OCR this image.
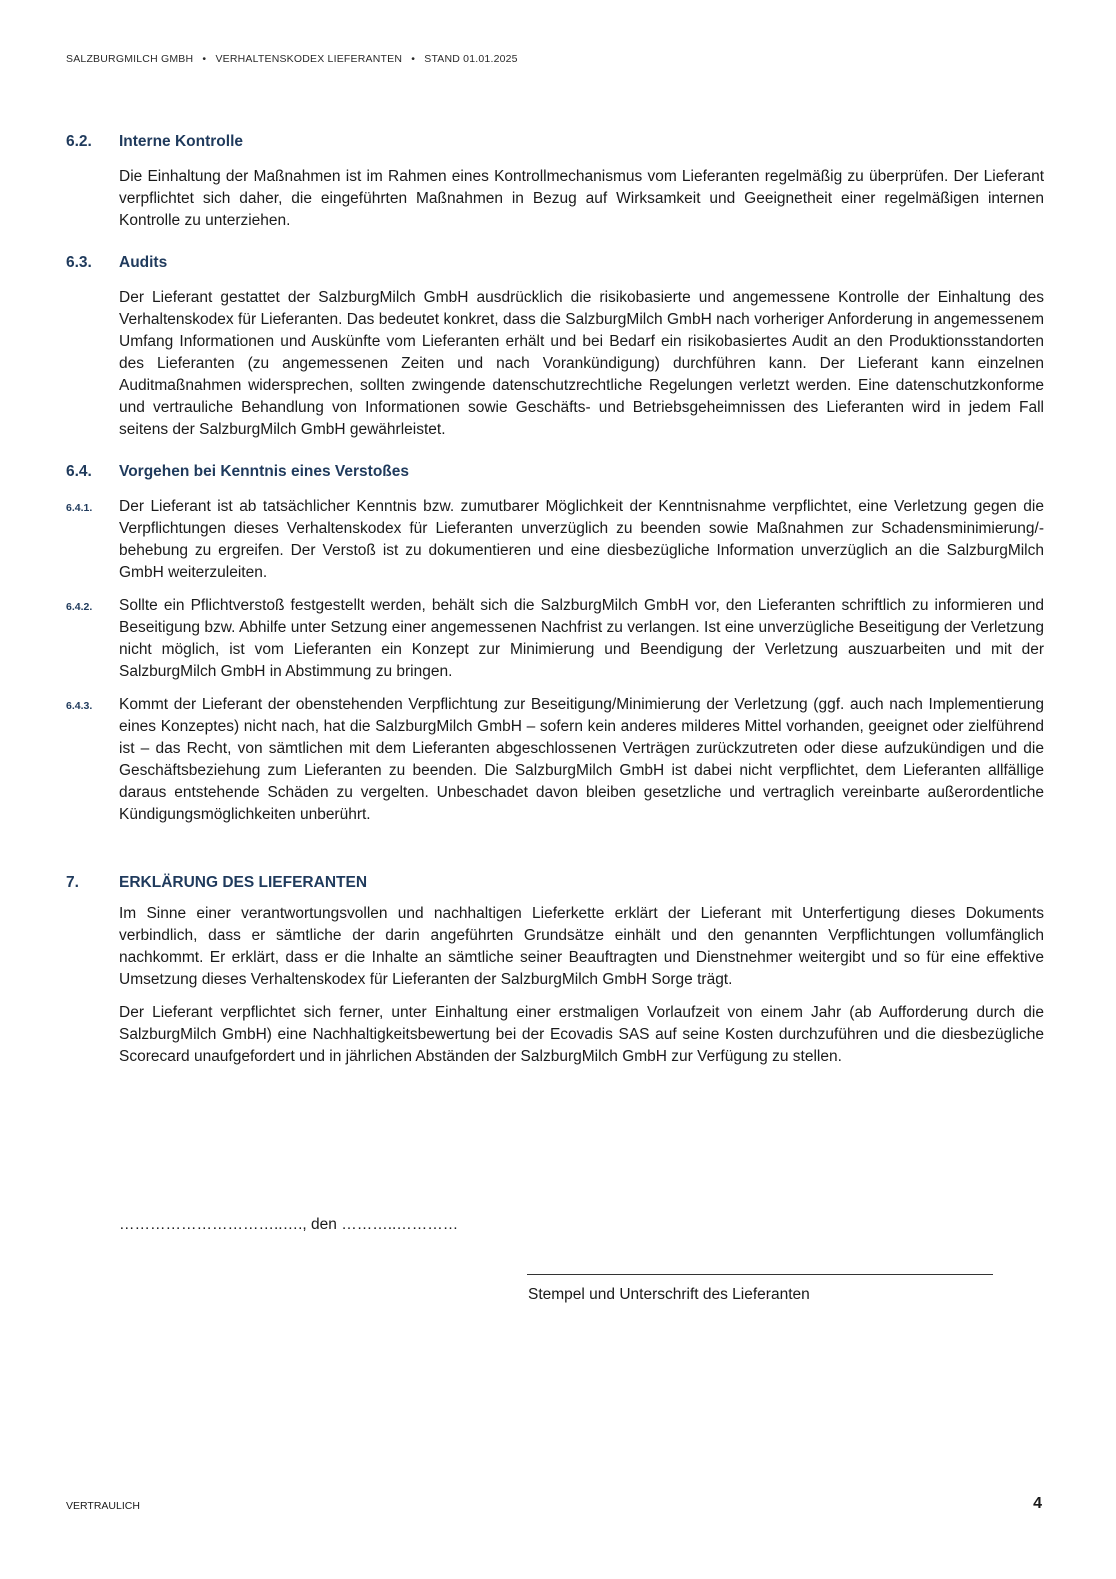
SALZBURGMILCH GMBH • VERHALTENSKODEX LIEFERANTEN • STAND 01.01.2025
6.2.	Interne Kontrolle

Die Einhaltung der Maßnahmen ist im Rahmen eines Kontrollmechanismus vom Lieferanten regelmäßig zu überprüfen. Der Lieferant verpflichtet sich daher, die eingeführten Maßnahmen in Bezug auf Wirksamkeit und Geeignetheit einer regelmäßigen internen Kontrolle zu unterziehen.

6.3.	Audits

Der Lieferant gestattet der SalzburgMilch GmbH ausdrücklich die risikobasierte und angemessene Kontrolle der Einhaltung des Verhaltenskodex für Lieferanten. Das bedeutet konkret, dass die SalzburgMilch GmbH nach vorheriger Anforderung in angemessenem Umfang Informationen und Auskünfte vom Lieferanten erhält und bei Bedarf ein risikobasiertes Audit an den Produktionsstandorten des Lieferanten (zu angemessenen Zeiten und nach Vorankündigung) durchführen kann. Der Lieferant kann einzelnen Auditmaßnahmen widersprechen, sollten zwingende datenschutzrechtliche Regelungen verletzt werden. Eine datenschutzkonforme und vertrauliche Behandlung von Informationen sowie Geschäfts- und Betriebsgeheimnissen des Lieferanten wird in jedem Fall seitens der SalzburgMilch GmbH gewährleistet.

6.4.	Vorgehen bei Kenntnis eines Verstoßes
6.4.1.	Der Lieferant ist ab tatsächlicher Kenntnis bzw. zumutbarer Möglichkeit der Kenntnisnahme verpflichtet, eine Verletzung gegen die Verpflichtungen dieses Verhaltenskodex für Lieferanten unverzüglich zu beenden sowie Maßnahmen zur Schadensminimierung/-behebung zu ergreifen. Der Verstoß ist zu dokumentieren und eine diesbezügliche Information unverzüglich an die SalzburgMilch GmbH weiterzuleiten.

6.4.2.	Sollte ein Pflichtverstoß festgestellt werden, behält sich die SalzburgMilch GmbH vor, den Lieferanten schriftlich zu informieren und Beseitigung bzw. Abhilfe unter Setzung einer angemessenen Nachfrist zu verlangen. Ist eine unverzügliche Beseitigung der Verletzung nicht möglich, ist vom Lieferanten ein Konzept zur Minimierung und Beendigung der Verletzung auszuarbeiten und mit der SalzburgMilch GmbH in Abstimmung zu bringen.

6.4.3.	Kommt der Lieferant der obenstehenden Verpflichtung zur Beseitigung/Minimierung der Verletzung (ggf. auch nach Implementierung eines Konzeptes) nicht nach, hat die SalzburgMilch GmbH – sofern kein anderes milderes Mittel vorhanden, geeignet oder zielführend ist – das Recht, von sämtlichen mit dem Lieferanten abgeschlossenen Verträgen zurückzutreten oder diese aufzukündigen und die Geschäftsbeziehung zum Lieferanten zu beenden. Die SalzburgMilch GmbH ist dabei nicht verpflichtet, dem Lieferanten allfällige daraus entstehende Schäden zu vergelten. Unbeschadet davon bleiben gesetzliche und vertraglich vereinbarte außerordentliche Kündigungsmöglichkeiten unberührt.

7.	ERKLÄRUNG DES LIEFERANTEN

Im Sinne einer verantwortungsvollen und nachhaltigen Lieferkette erklärt der Lieferant mit Unterfertigung dieses Dokuments verbindlich, dass er sämtliche der darin angeführten Grundsätze einhält und den genannten Verpflichtungen vollumfänglich nachkommt. Er erklärt, dass er die Inhalte an sämtliche seiner Beauftragten und Dienstnehmer weitergibt und so für eine effektive Umsetzung dieses Verhaltenskodex für Lieferanten der SalzburgMilch GmbH Sorge trägt.

Der Lieferant verpflichtet sich ferner, unter Einhaltung einer erstmaligen Vorlaufzeit von einem Jahr (ab Aufforderung durch die SalzburgMilch GmbH) eine Nachhaltigkeitsbewertung bei der Ecovadis SAS auf seine Kosten durchzuführen und die diesbezügliche Scorecard unaufgefordert und in jährlichen Abständen der SalzburgMilch GmbH zur Verfügung zu stellen.

…………………………..…., den ………..…………
Stempel und Unterschrift des Lieferanten
VERTRAULICH	4
